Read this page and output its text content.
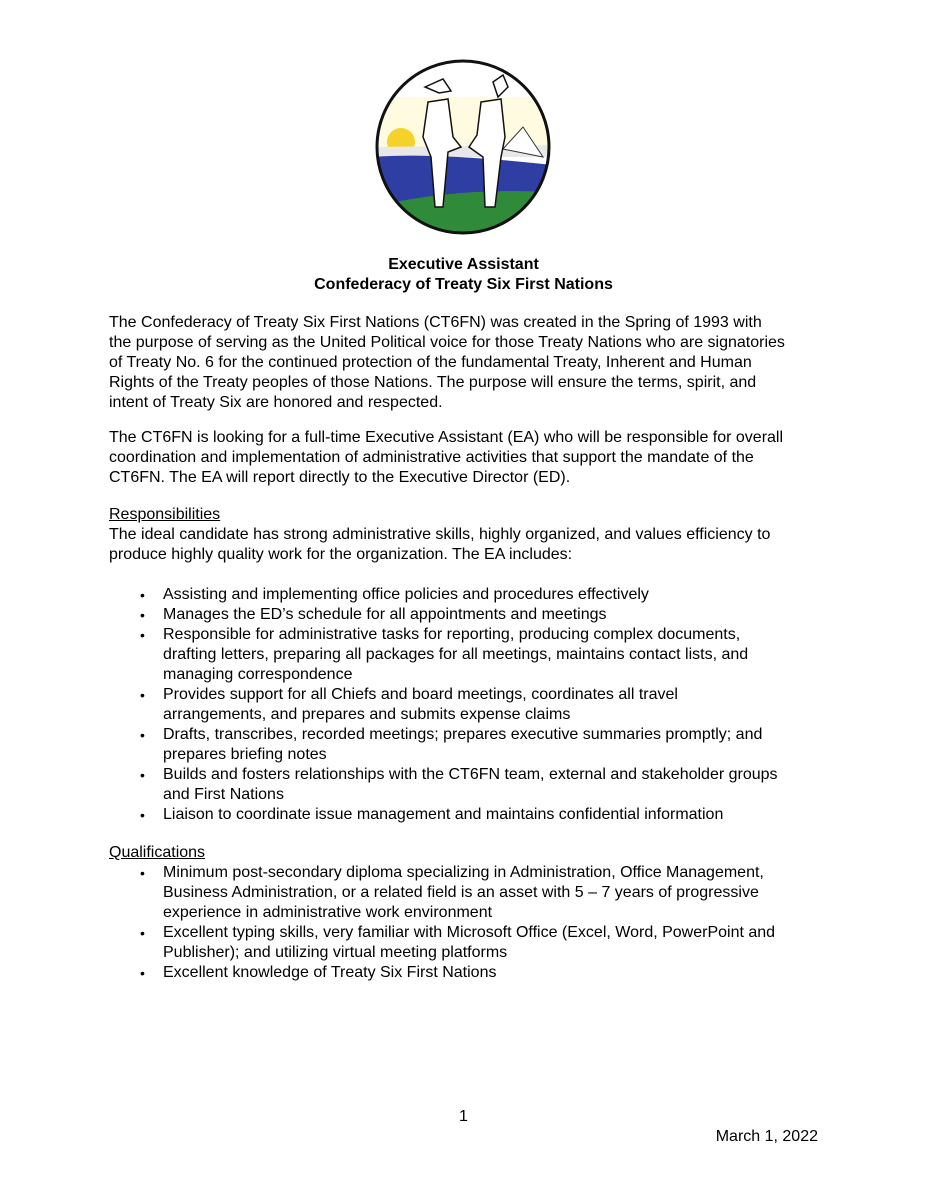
Executive Assistant
Confederacy of Treaty Six First Nations
The Confederacy of Treaty Six First Nations (CT6FN) was created in the Spring of 1993 with
the purpose of serving as the United Political voice for those Treaty Nations who are signatories
of Treaty No. 6 for the continued protection of the fundamental Treaty, Inherent and Human
Rights of the Treaty peoples of those Nations. The purpose will ensure the terms, spirit, and
intent of Treaty Six are honored and respected.
The CT6FN is looking for a full-time Executive Assistant (EA) who will be responsible for overall
coordination and implementation of administrative activities that support the mandate of the
CT6FN. The EA will report directly to the Executive Director (ED).
Responsibilities
The ideal candidate has strong administrative skills, highly organized, and values efficiency to
produce highly quality work for the organization. The EA includes:
• Assisting and implementing office policies and procedures effectively
• Manages the ED’s schedule for all appointments and meetings
• Responsible for administrative tasks for reporting, producing complex documents,
drafting letters, preparing all packages for all meetings, maintains contact lists, and
managing correspondence
• Provides support for all Chiefs and board meetings, coordinates all travel
arrangements, and prepares and submits expense claims
• Drafts, transcribes, recorded meetings; prepares executive summaries promptly; and
prepares briefing notes
• Builds and fosters relationships with the CT6FN team, external and stakeholder groups
and First Nations
• Liaison to coordinate issue management and maintains confidential information
Qualifications
• Minimum post-secondary diploma specializing in Administration, Office Management,
Business Administration, or a related field is an asset with 5 – 7 years of progressive
experience in administrative work environment
• Excellent typing skills, very familiar with Microsoft Office (Excel, Word, PowerPoint and
Publisher); and utilizing virtual meeting platforms
• Excellent knowledge of Treaty Six First Nations
1
March 1, 2022
